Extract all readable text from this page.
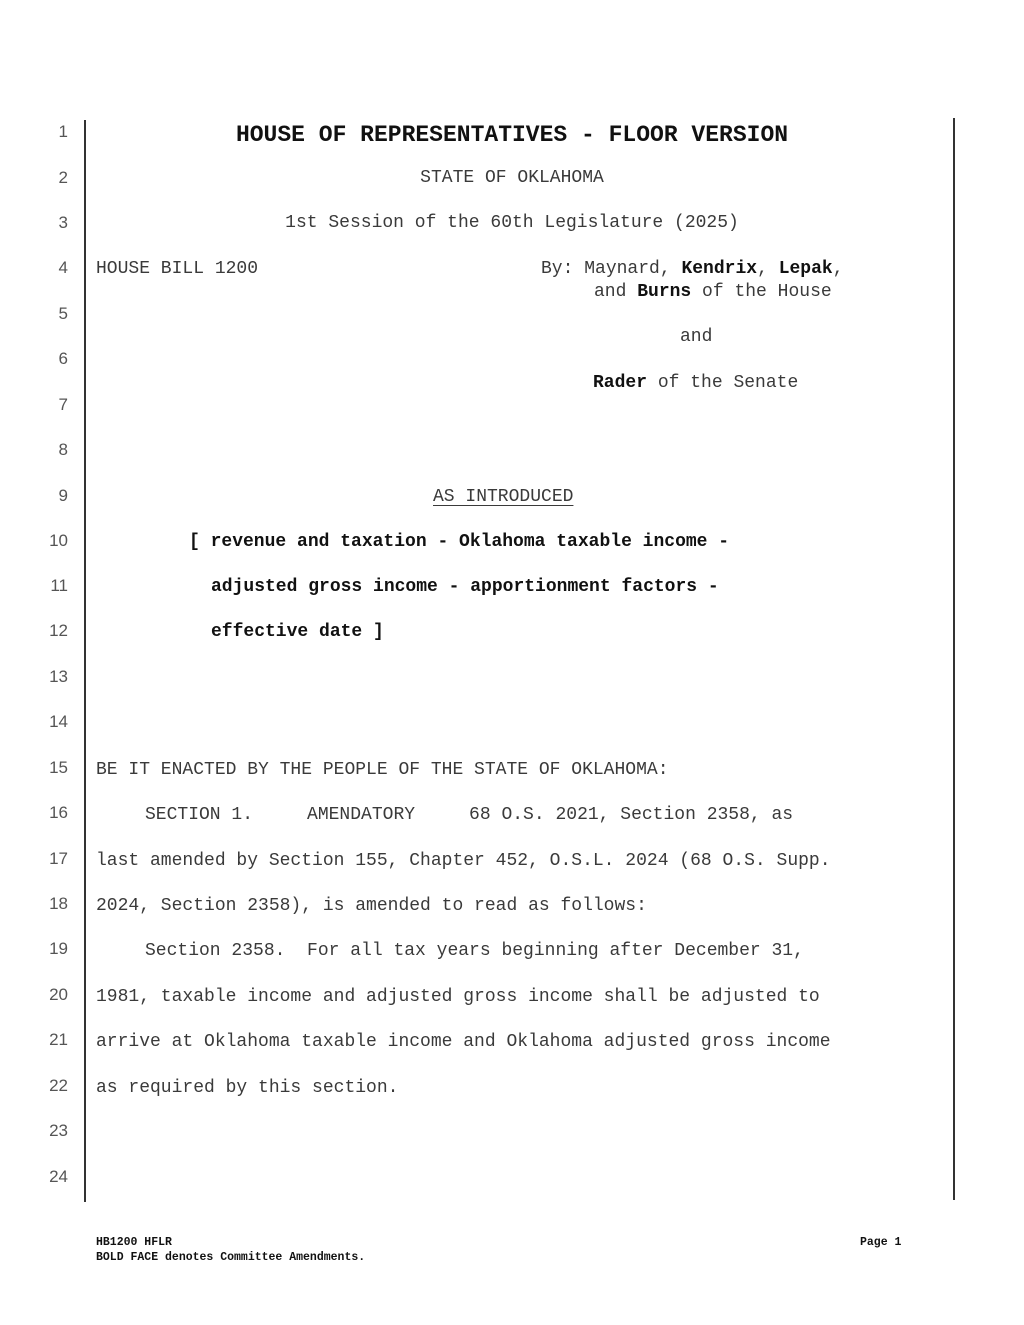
1
2
3
4
5
6
7
8
9
10
11
12
13
14
15
16
17
18
19
20
21
22
23
24
HOUSE OF REPRESENTATIVES - FLOOR VERSION
STATE OF OKLAHOMA
1st Session of the 60th Legislature (2025)
HOUSE BILL 1200	By: Maynard, Kendrix, Lepak,
and Burns of the House
and
Rader of the Senate
AS INTRODUCED
[ revenue and taxation - Oklahoma taxable income -
adjusted gross income - apportionment factors -
effective date ]
BE IT ENACTED BY THE PEOPLE OF THE STATE OF OKLAHOMA:
SECTION 1.     AMENDATORY     68 O.S. 2021, Section 2358, as
last amended by Section 155, Chapter 452, O.S.L. 2024 (68 O.S. Supp.
2024, Section 2358), is amended to read as follows:
Section 2358.  For all tax years beginning after December 31,
1981, taxable income and adjusted gross income shall be adjusted to
arrive at Oklahoma taxable income and Oklahoma adjusted gross income
as required by this section.
HB1200 HFLR
BOLD FACE denotes Committee Amendments.
Page 1
